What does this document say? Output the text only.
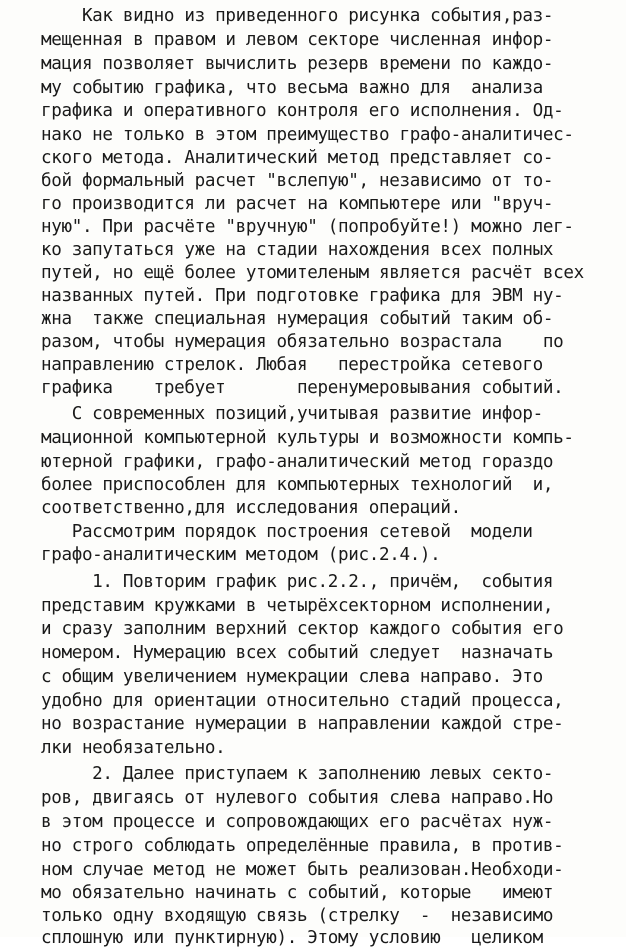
Как видно из приведенного рисунка события,раз-
мещенная в правом и левом секторе численная инфор-
мация позволяет вычислить резерв времени по каждо-
му событию графика, что весьма важно для  анализа
графика и оперативного контроля его исполнения. Од-
нако не только в этом преимущество графо-аналитичес-
ского метода. Аналитический метод представляет со-
бой формальный расчет "вслепую", независимо от то-
го производится ли расчет на компьютере или "вруч-
ную". При расчёте "вручную" (попробуйте!) можно лег-
ко запутаться уже на стадии нахождения всех полных
путей, но ещё более утомителеным является расчёт всех
названных путей. При подготовке графика для ЭВМ ну-
жна  также специальная нумерация событий таким об-
разом, чтобы нумерация обязательно возрастала    по
направлению стрелок. Любая   перестройка сетевого
графика    требует       перенумеровывания событий.
С современных позиций,учитывая развитие инфор-
мационной компьютерной культуры и возможности компь-
ютерной графики, графо-аналитический метод гораздо
более приспособлен для компьютерных технологий  и,
соответственно,для исследования операций.
Рассмотрим порядок построения сетевой  модели
графо-аналитическим методом (рис.2.4.).
1. Повторим график рис.2.2., причём,  события
представим кружками в четырёхсекторном исполнении,
и сразу заполним верхний сектор каждого события его
номером. Нумерацию всех событий следует  назначать
с общим увеличением нумекрации слева направо. Это
удобно для ориентации относительно стадий процесса,
но возрастание нумерации в направлении каждой стре-
лки необязательно.
2. Далее приступаем к заполнению левых секто-
ров, двигаясь от нулевого события слева направо.Но
в этом процессе и сопровождающих его расчётах нуж-
но строго соблюдать определённые правила, в против-
ном случае метод не может быть реализован.Необходи-
мо обязательно начинать с событий, которые   имеют
только одну входящую связь (стрелку  -  независимо
сплошную или пунктирную). Этому условию   целиком
